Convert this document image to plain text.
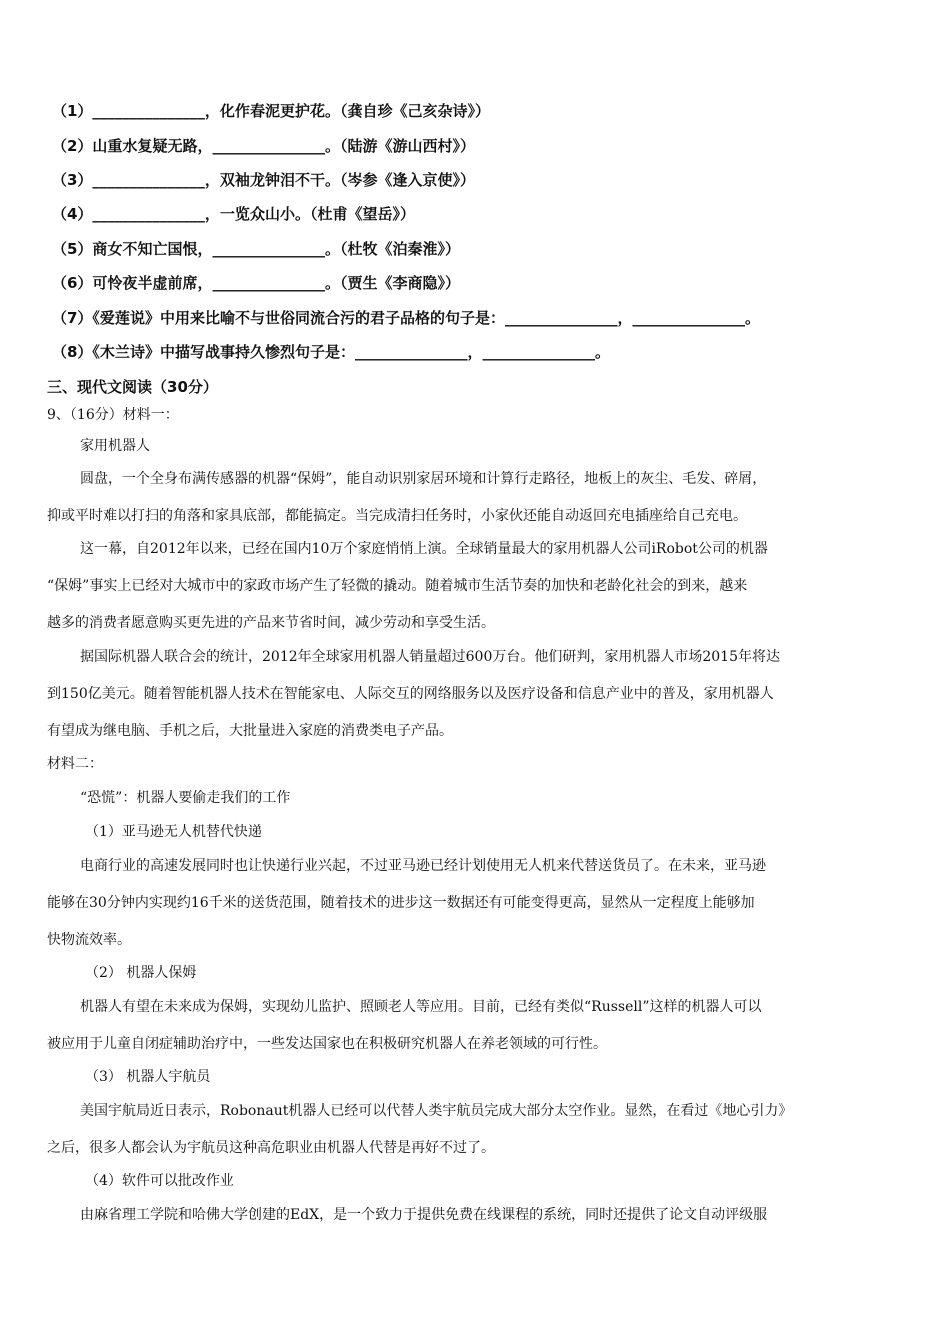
（1）_______________，化作春泥更护花。（龚自珍《己亥杂诗》）
（2）山重水复疑无路，_______________。（陆游《游山西村》）
（3）_______________，双袖龙钟泪不干。（岑参《逢入京使》）
（4）_______________，一览众山小。（杜甫《望岳》）
（5）商女不知亡国恨，_______________。（杜牧《泊秦淮》）
（6）可怜夜半虚前席，_______________。（贾生《李商隐》）
（7）《爱莲说》中用来比喻不与世俗同流合污的君子品格的句子是：_______________，_______________。
（8）《木兰诗》中描写战事持久惨烈句子是：_______________，_______________。
三、现代文阅读（30分）
9、（16分）材料一：
家用机器人
圆盘，一个全身布满传感器的机器“保姆”，能自动识别家居环境和计算行走路径，地板上的灰尘、毛发、碎屑，
抑或平时难以打扫的角落和家具底部，都能搞定。当完成清扫任务时，小家伙还能自动返回充电插座给自己充电。
这一幕，自2012年以来，已经在国内10万个家庭悄悄上演。全球销量最大的家用机器人公司iRobot公司的机器
“保姆”事实上已经对大城市中的家政市场产生了轻微的撬动。随着城市生活节奏的加快和老龄化社会的到来，越来
越多的消费者愿意购买更先进的产品来节省时间，减少劳动和享受生活。
据国际机器人联合会的统计，2012年全球家用机器人销量超过600万台。他们研判，家用机器人市场2015年将达
到150亿美元。随着智能机器人技术在智能家电、人际交互的网络服务以及医疗设备和信息产业中的普及，家用机器人
有望成为继电脑、手机之后，大批量进入家庭的消费类电子产品。
材料二：
“恐慌”：机器人要偷走我们的工作
（1）亚马逊无人机替代快递
电商行业的高速发展同时也让快递行业兴起，不过亚马逊已经计划使用无人机来代替送货员了。在未来，亚马逊
能够在30分钟内实现约16千米的送货范围，随着技术的进步这一数据还有可能变得更高，显然从一定程度上能够加
快物流效率。
（2） 机器人保姆
机器人有望在未来成为保姆，实现幼儿监护、照顾老人等应用。目前，已经有类似“Russell”这样的机器人可以
被应用于儿童自闭症辅助治疗中，一些发达国家也在积极研究机器人在养老领域的可行性。
（3） 机器人宇航员
美国宇航局近日表示，Robonaut机器人已经可以代替人类宇航员完成大部分太空作业。显然，在看过《地心引力》
之后，很多人都会认为宇航员这种高危职业由机器人代替是再好不过了。
（4）软件可以批改作业
由麻省理工学院和哈佛大学创建的EdX，是一个致力于提供免费在线课程的系统，同时还提供了论文自动评级服
